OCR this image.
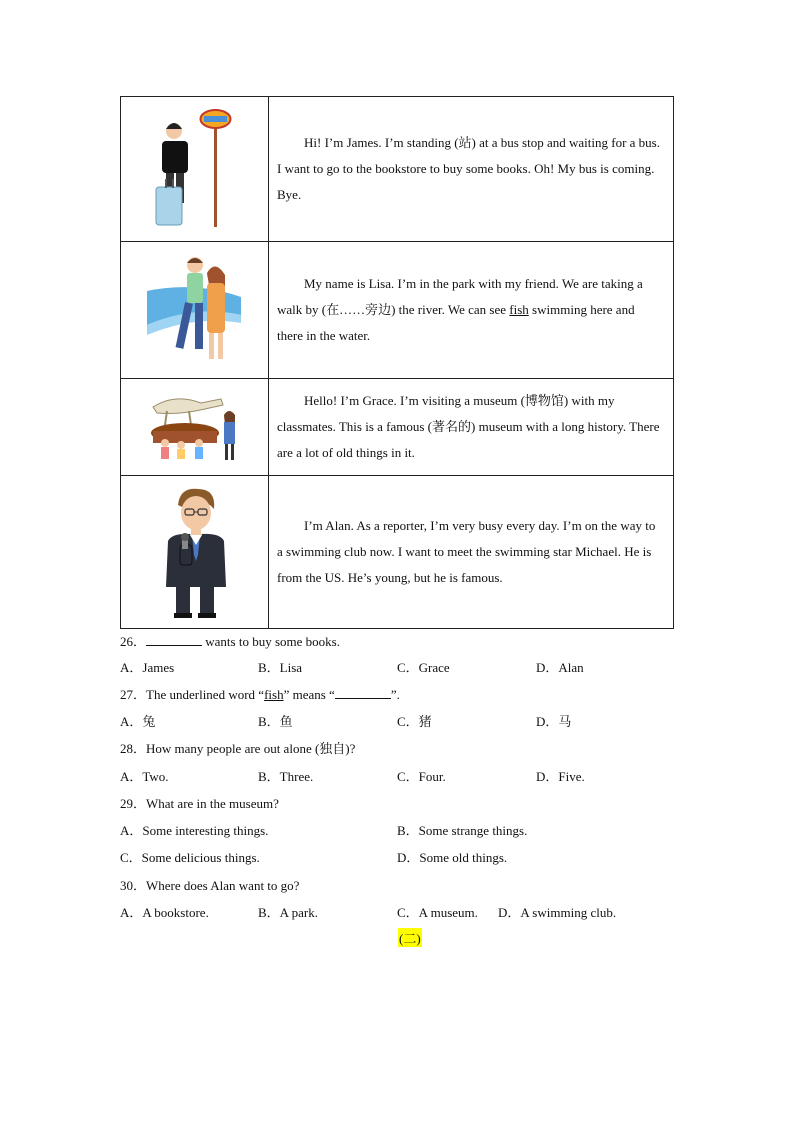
Hi! I’m James. I’m standing (站) at a bus stop and waiting for a bus. I want to go to the bookstore to buy some books. Oh! My bus is coming. Bye.

My name is Lisa. I’m in the park with my friend. We are taking a walk by (在……旁边) the river. We can see fish swimming here and there in the water.

Hello! I’m Grace. I’m visiting a museum (博物馆) with my classmates. This is a famous (著名的) museum with a long history. There are a lot of old things in it.

I’m Alan. As a reporter, I’m very busy every day. I’m on the way to a swimming club now. I want to meet the swimming star Michael. He is from the US. He’s young, but he is famous.

26．	wants to buy some books.
A．James	B．Lisa	C．Grace	D．Alan
27．The underlined word “fish” means “	”.
A．兔	B．鱼	C．猪	D．马
28．How many people are out alone (独自)?
A．Two.	B．Three.	C．Four.	D．Five.
29．What are in the museum?
A．Some interesting things.	B．Some strange things.
C．Some delicious things.	D．Some old things.
30．Where does Alan want to go?
A．A bookstore.	B．A park.	C．A museum. D．A swimming club.
(二)
